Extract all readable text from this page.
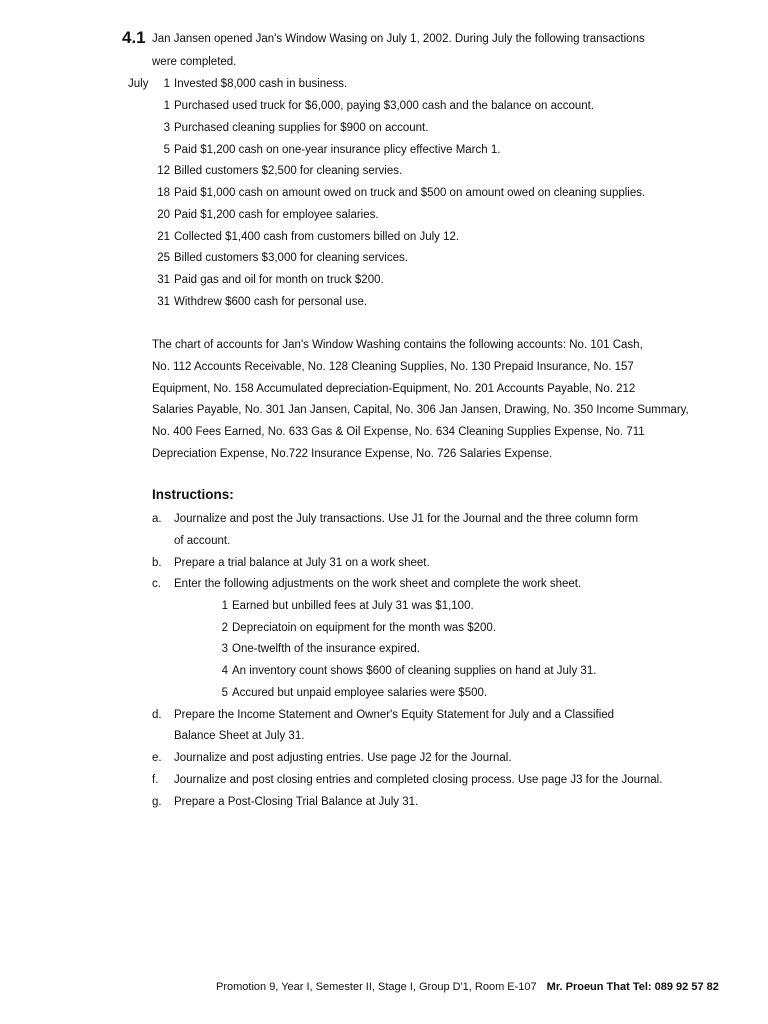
4.1 Jan Jansen opened Jan's Window Wasing on July 1, 2002. During July the following transactions
were completed.
July	1 Invested $8,000 cash in business.
1 Purchased used truck for $6,000, paying $3,000 cash and the balance on account.
3 Purchased cleaning supplies for $900 on account.
5 Paid $1,200 cash on one-year insurance plicy effective March 1.
12 Billed customers $2,500 for cleaning servies.
18 Paid $1,000 cash on amount owed on truck and $500 on amount owed on cleaning supplies.
20 Paid $1,200 cash for employee salaries.
21 Collected $1,400 cash from customers billed on July 12.
25 Billed customers $3,000 for cleaning services.
31 Paid gas and oil for month on truck $200.
31 Withdrew $600 cash for personal use.
The chart of accounts for Jan's Window Washing contains the following accounts: No. 101 Cash,
No. 112 Accounts Receivable, No. 128 Cleaning Supplies, No. 130 Prepaid Insurance, No. 157
Equipment, No. 158 Accumulated depreciation-Equipment, No. 201 Accounts Payable, No. 212
Salaries Payable, No. 301 Jan Jansen, Capital, No. 306 Jan Jansen, Drawing, No. 350 Income Summary,
No. 400 Fees Earned, No. 633 Gas & Oil Expense, No. 634 Cleaning Supplies Expense, No. 711
Depreciation Expense, No.722 Insurance Expense, No. 726 Salaries Expense.
Instructions:
a. Journalize and post the July transactions. Use J1 for the Journal and the three column form
of account.
b. Prepare a trial balance at July 31 on a work sheet.
c. Enter the following adjustments on the work sheet and complete the work sheet.
1 Earned but unbilled fees at July 31 was $1,100.
2 Depreciatoin on equipment for the month was $200.
3 One-twelfth of the insurance expired.
4 An inventory count shows $600 of cleaning supplies on hand at July 31.
5 Accured but unpaid employee salaries were $500.
d. Prepare the Income Statement and Owner's Equity Statement for July and a Classified
Balance Sheet at July 31.
e. Journalize and post adjusting entries. Use page J2 for the Journal.
f. Journalize and post closing entries and completed closing process. Use page J3 for the Journal.
g. Prepare a Post-Closing Trial Balance at July 31.
Promotion 9, Year I, Semester II, Stage I, Group D'1, Room E-107 Mr. Proeun That Tel: 089 92 57 82
